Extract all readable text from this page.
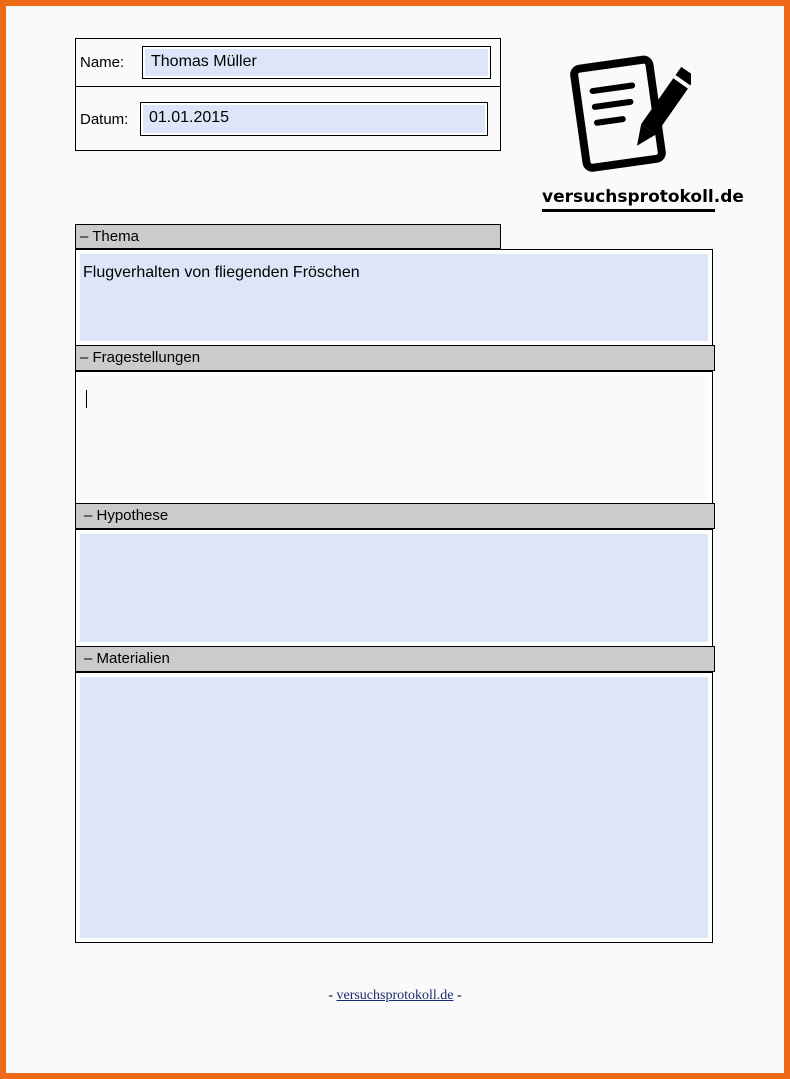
Name:	Thomas Müller
Datum:	01.01.2015
versuchsprotokoll.de
– Thema
Flugverhalten von fliegenden Fröschen
– Fragestellungen
– Hypothese
– Materialien
- versuchsprotokoll.de -
